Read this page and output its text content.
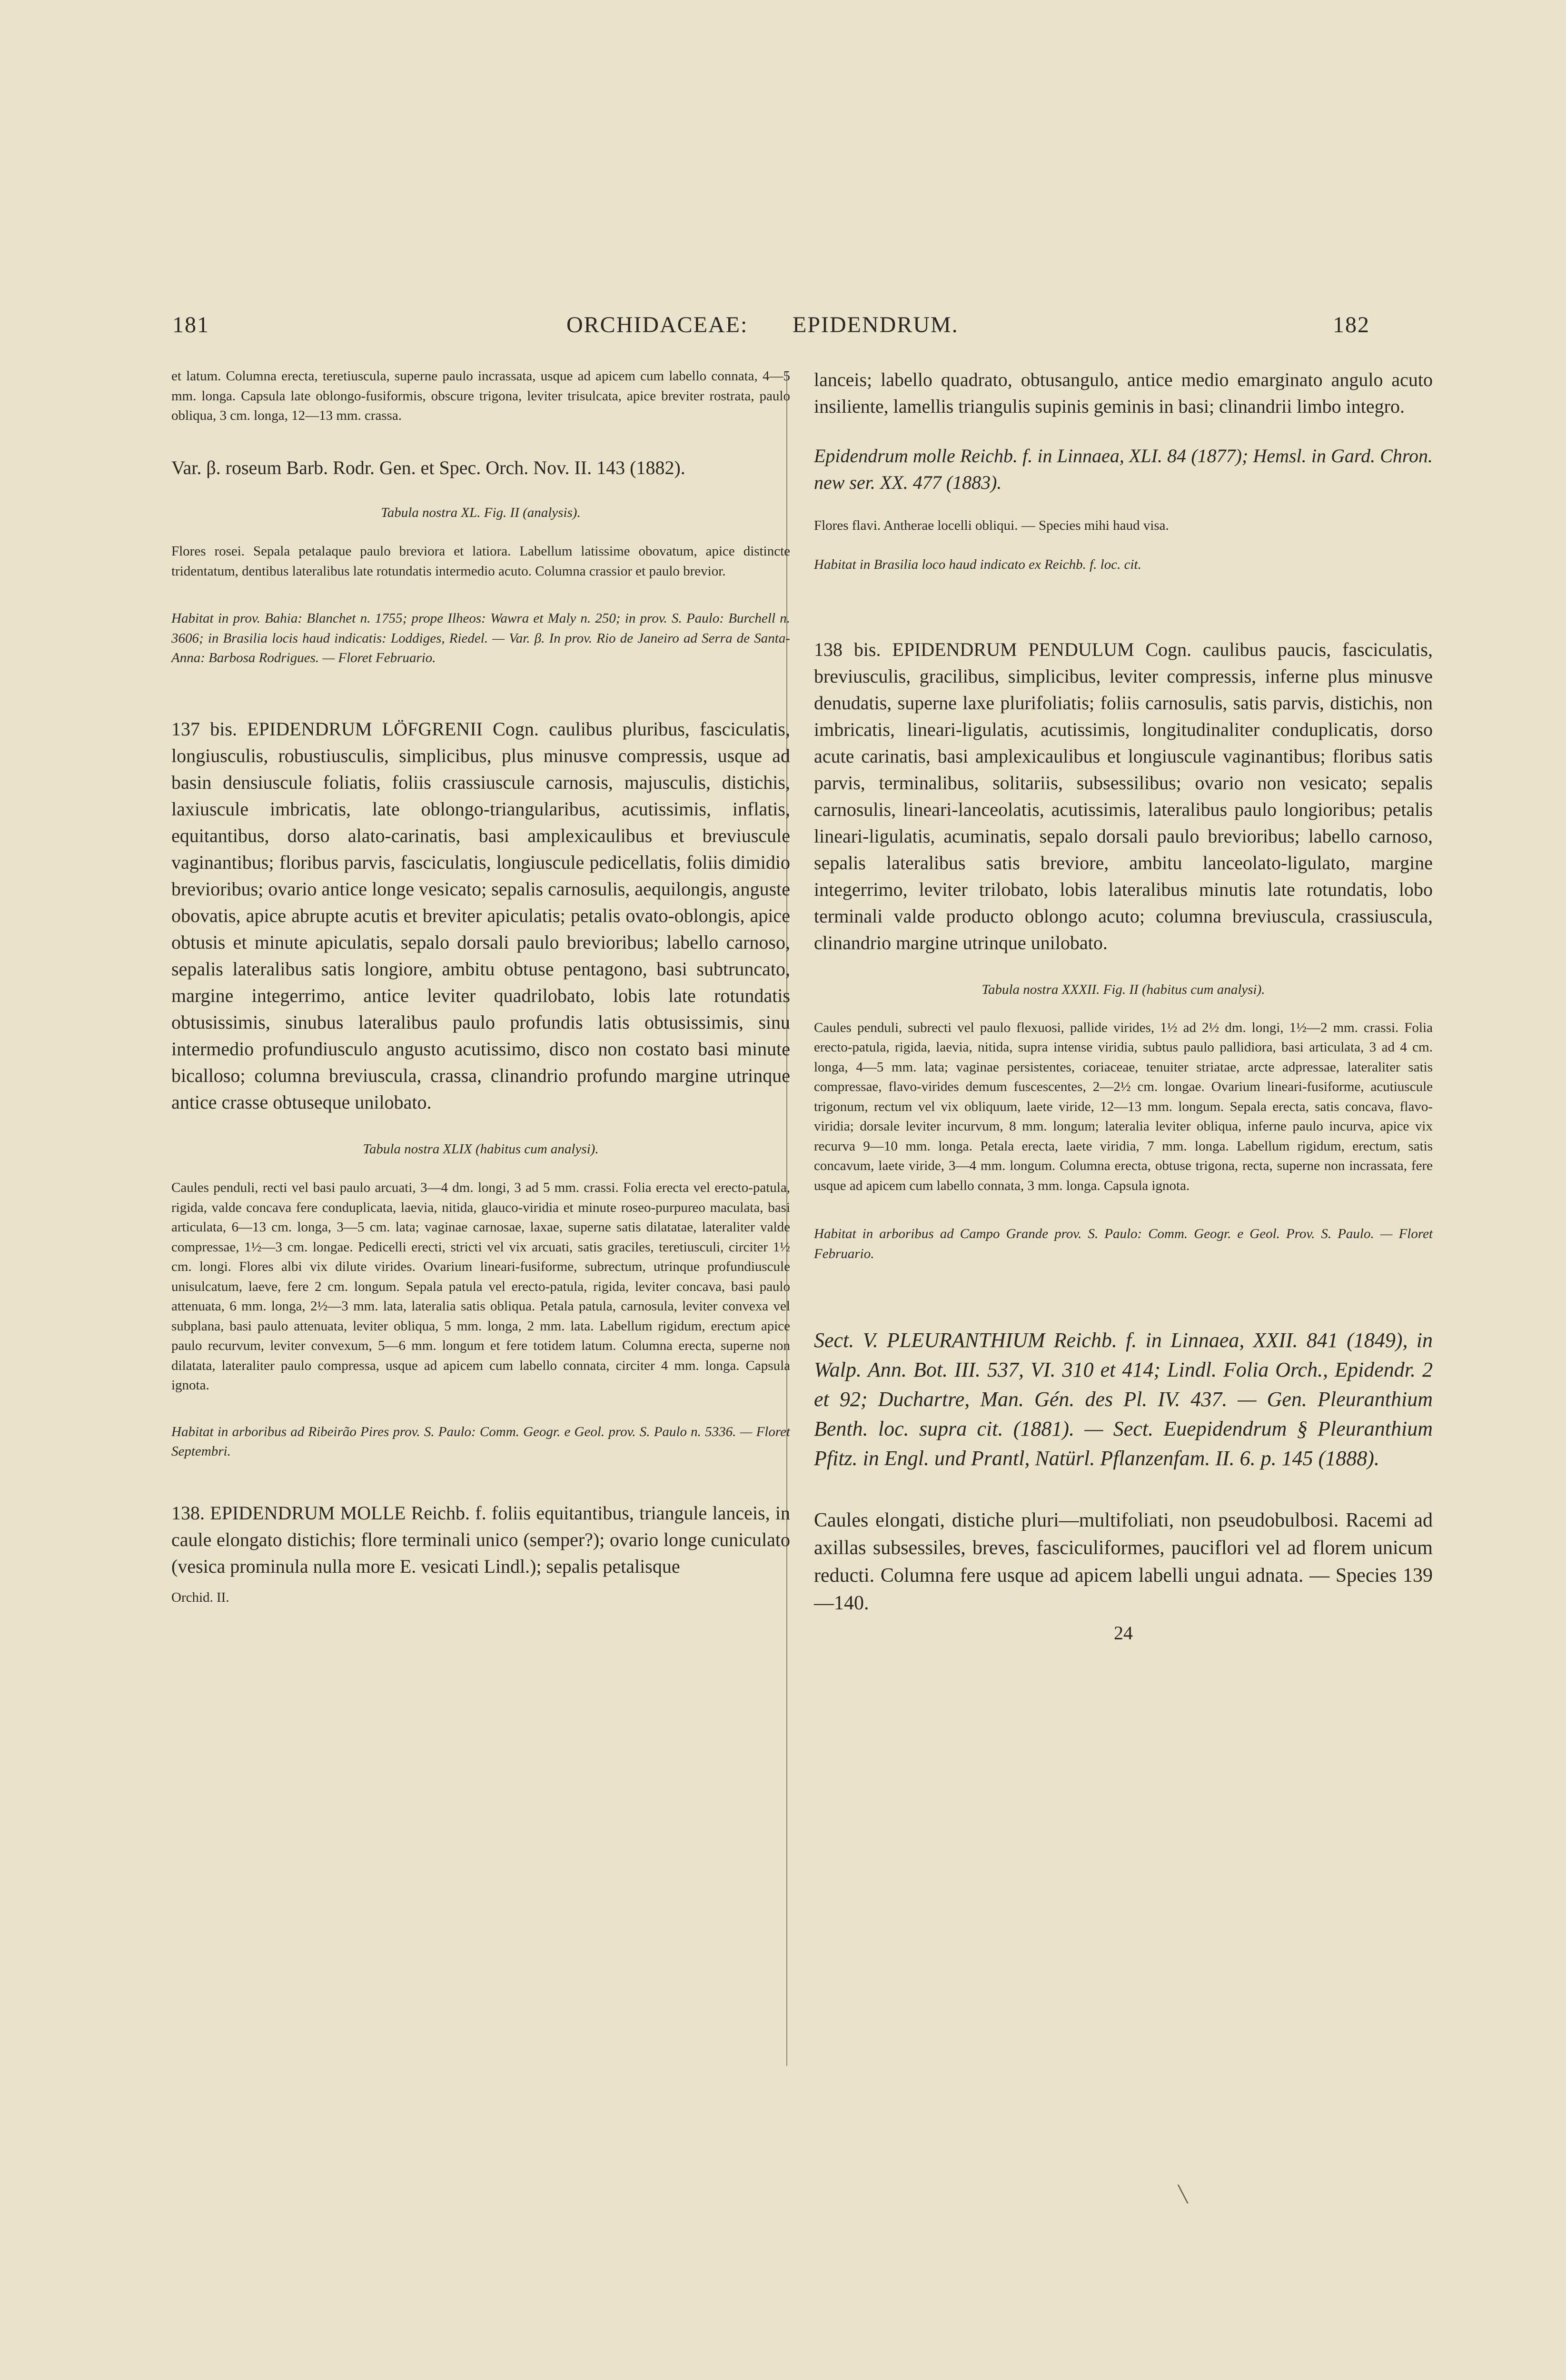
181	ORCHIDACEAE: EPIDENDRUM.	182

et latum. Columna erecta, teretiuscula, superne paulo incrassata, usque ad apicem cum labello connata, 4—5 mm. longa. Capsula late oblongo-fusiformis, obscure trigona, leviter trisulcata, apice breviter rostrata, paulo obliqua, 3 cm. longa, 12—13 mm. crassa.

Var. β. roseum Barb. Rodr. Gen. et Spec. Orch. Nov. II. 143 (1882).

Tabula nostra XL. Fig. II (analysis).

Flores rosei. Sepala petalaque paulo breviora et latiora. Labellum latissime obovatum, apice distincte tridentatum, dentibus lateralibus late rotundatis intermedio acuto. Columna crassior et paulo brevior.

Habitat in prov. Bahia: Blanchet n. 1755; prope Ilheos: Wawra et Maly n. 250; in prov. S. Paulo: Burchell n. 3606; in Brasilia locis haud indicatis: Loddiges, Riedel. — Var. β. In prov. Rio de Janeiro ad Serra de Santa-Anna: Barbosa Rodrigues. — Floret Februario.

137 bis. EPIDENDRUM LÖFGRENII Cogn. caulibus pluribus, fasciculatis, longiusculis, robustiusculis, simplicibus, plus minusve compressis, usque ad basin densiuscule foliatis, foliis crassiuscule carnosis, majusculis, distichis, laxiuscule imbricatis, late oblongo-triangularibus, acutissimis, inflatis, equitantibus, dorso alato-carinatis, basi amplexicaulibus et breviuscule vaginantibus; floribus parvis, fasciculatis, longiuscule pedicellatis, foliis dimidio brevioribus; ovario antice longe vesicato; sepalis carnosulis, aequilongis, anguste obovatis, apice abrupte acutis et breviter apiculatis; petalis ovato-oblongis, apice obtusis et minute apiculatis, sepalo dorsali paulo brevioribus; labello carnoso, sepalis lateralibus satis longiore, ambitu obtuse pentagono, basi subtruncato, margine integerrimo, antice leviter quadrilobato, lobis late rotundatis obtusissimis, sinubus lateralibus paulo profundis latis obtusissimis, sinu intermedio profundiusculo angusto acutissimo, disco non costato basi minute bicalloso; columna breviuscula, crassa, clinandrio profundo margine utrinque antice crasse obtuseque unilobato.

Tabula nostra XLIX (habitus cum analysi).

Caules penduli, recti vel basi paulo arcuati, 3—4 dm. longi, 3 ad 5 mm. crassi. Folia erecta vel erecto-patula, rigida, valde concava fere conduplicata, laevia, nitida, glauco-viridia et minute roseo-purpureo maculata, basi articulata, 6—13 cm. longa, 3—5 cm. lata; vaginae carnosae, laxae, superne satis dilatatae, lateraliter valde compressae, 1½—3 cm. longae. Pedicelli erecti, stricti vel vix arcuati, satis graciles, teretiusculi, circiter 1½ cm. longi. Flores albi vix dilute virides. Ovarium lineari-fusiforme, subrectum, utrinque profundiuscule unisulcatum, laeve, fere 2 cm. longum. Sepala patula vel erecto-patula, rigida, leviter concava, basi paulo attenuata, 6 mm. longa, 2½—3 mm. lata, lateralia satis obliqua. Petala patula, carnosula, leviter convexa vel subplana, basi paulo attenuata, leviter obliqua, 5 mm. longa, 2 mm. lata. Labellum rigidum, erectum apice paulo recurvum, leviter convexum, 5—6 mm. longum et fere totidem latum. Columna erecta, superne non dilatata, lateraliter paulo compressa, usque ad apicem cum labello connata, circiter 4 mm. longa. Capsula ignota.

Habitat in arboribus ad Ribeirão Pires prov. S. Paulo: Comm. Geogr. e Geol. prov. S. Paulo n. 5336. — Floret Septembri.

138. EPIDENDRUM MOLLE Reichb. f. foliis equitantibus, triangule lanceis, in caule elongato distichis; flore terminali unico (semper?); ovario longe cuniculato (vesica prominula nulla more E. vesicati Lindl.); sepalis petalisque

Orchid. II.

lanceis; labello quadrato, obtusangulo, antice medio emarginato angulo acuto insiliente, lamellis triangulis supinis geminis in basi; clinandrii limbo integro.

Epidendrum molle Reichb. f. in Linnaea, XLI. 84 (1877); Hemsl. in Gard. Chron. new ser. XX. 477 (1883).

Flores flavi. Antherae locelli obliqui. — Species mihi haud visa.

Habitat in Brasilia loco haud indicato ex Reichb. f. loc. cit.

138 bis. EPIDENDRUM PENDULUM Cogn. caulibus paucis, fasciculatis, breviusculis, gracilibus, simplicibus, leviter compressis, inferne plus minusve denudatis, superne laxe plurifoliatis; foliis carnosulis, satis parvis, distichis, non imbricatis, lineari-ligulatis, acutissimis, longitudinaliter conduplicatis, dorso acute carinatis, basi amplexicaulibus et longiuscule vaginantibus; floribus satis parvis, terminalibus, solitariis, subsessilibus; ovario non vesicato; sepalis carnosulis, lineari-lanceolatis, acutissimis, lateralibus paulo longioribus; petalis lineari-ligulatis, acuminatis, sepalo dorsali paulo brevioribus; labello carnoso, sepalis lateralibus satis breviore, ambitu lanceolato-ligulato, margine integerrimo, leviter trilobato, lobis lateralibus minutis late rotundatis, lobo terminali valde producto oblongo acuto; columna breviuscula, crassiuscula, clinandrio margine utrinque unilobato.

Tabula nostra XXXII. Fig. II (habitus cum analysi).

Caules penduli, subrecti vel paulo flexuosi, pallide virides, 1½ ad 2½ dm. longi, 1½—2 mm. crassi. Folia erecto-patula, rigida, laevia, nitida, supra intense viridia, subtus paulo pallidiora, basi articulata, 3 ad 4 cm. longa, 4—5 mm. lata; vaginae persistentes, coriaceae, tenuiter striatae, arcte adpressae, lateraliter satis compressae, flavo-virides demum fuscescentes, 2—2½ cm. longae. Ovarium lineari-fusiforme, acutiuscule trigonum, rectum vel vix obliquum, laete viride, 12—13 mm. longum. Sepala erecta, satis concava, flavo-viridia; dorsale leviter incurvum, 8 mm. longum; lateralia leviter obliqua, inferne paulo incurva, apice vix recurva 9—10 mm. longa. Petala erecta, laete viridia, 7 mm. longa. Labellum rigidum, erectum, satis concavum, laete viride, 3—4 mm. longum. Columna erecta, obtuse trigona, recta, superne non incrassata, fere usque ad apicem cum labello connata, 3 mm. longa. Capsula ignota.

Habitat in arboribus ad Campo Grande prov. S. Paulo: Comm. Geogr. e Geol. Prov. S. Paulo. — Floret Februario.

Sect. V. PLEURANTHIUM Reichb. f. in Linnaea, XXII. 841 (1849), in Walp. Ann. Bot. III. 537, VI. 310 et 414; Lindl. Folia Orch., Epidendr. 2 et 92; Duchartre, Man. Gén. des Pl. IV. 437. — Gen. Pleuranthium Benth. loc. supra cit. (1881). — Sect. Euepidendrum § Pleuranthium Pfitz. in Engl. und Prantl, Natürl. Pflanzenfam. II. 6. p. 145 (1888).

Caules elongati, distiche pluri—multifoliati, non pseudobulbosi. Racemi ad axillas subsessiles, breves, fasciculiformes, pauciflori vel ad florem unicum reducti. Columna fere usque ad apicem labelli ungui adnata. — Species 139—140.

24

╲
